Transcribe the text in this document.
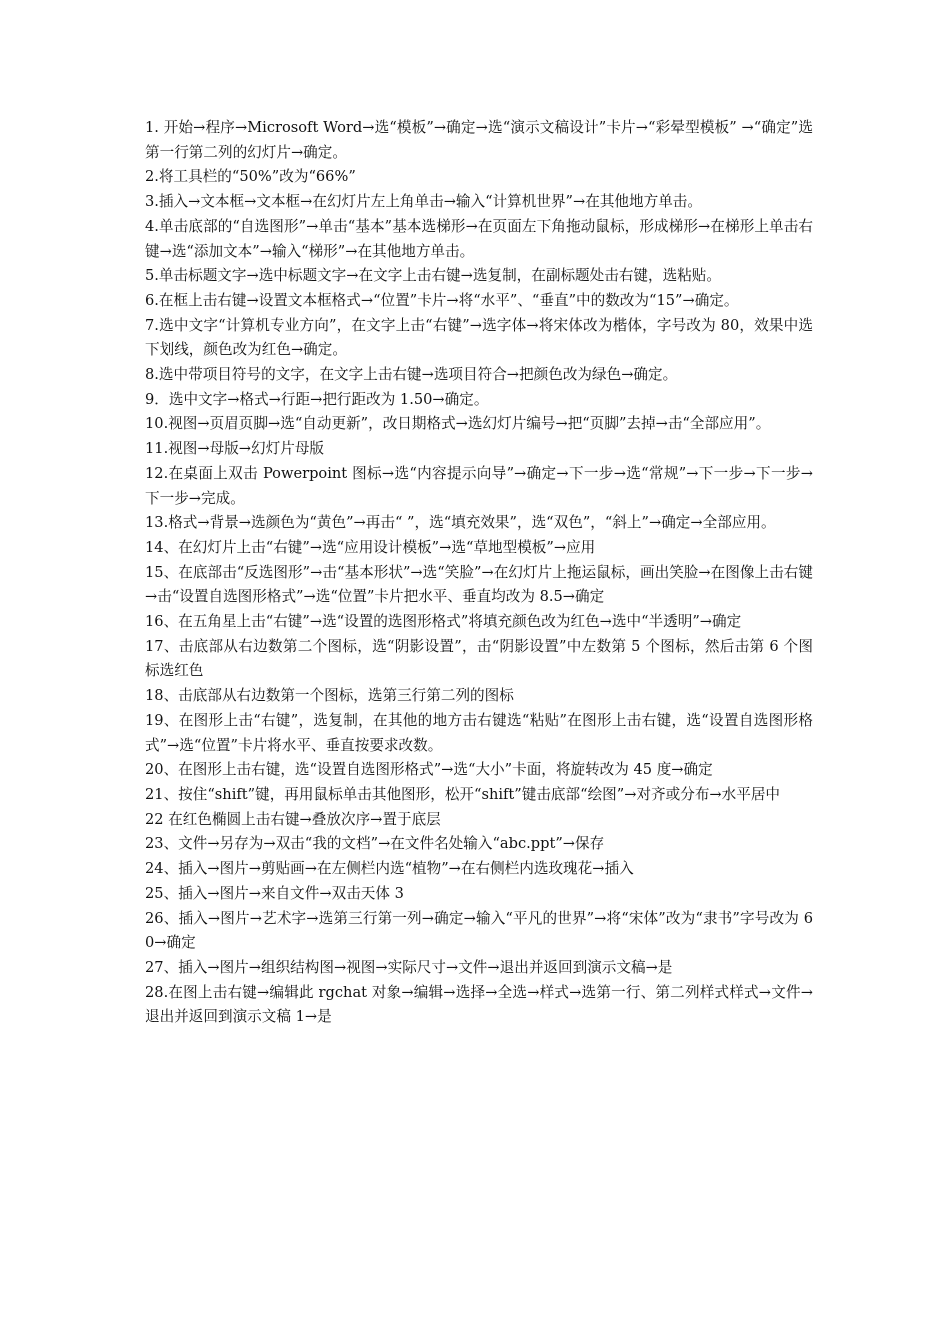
1. 开始→程序→Microsoft Word→选“模板”→确定→选“演示文稿设计”卡片→“彩晕型模板” →“确定”选第一行第二列的幻灯片→确定。

2.将工具栏的“50%”改为“66%”

3.插入→文本框→文本框→在幻灯片左上角单击→输入“计算机世界”→在其他地方单击。

4.单击底部的“自选图形”→单击“基本”基本选梯形→在页面左下角拖动鼠标，形成梯形→在梯形上单击右键→选“添加文本”→输入“梯形”→在其他地方单击。

5.单击标题文字→选中标题文字→在文字上击右键→选复制，在副标题处击右键，选粘贴。

6.在框上击右键→设置文本框格式→“位置”卡片→将“水平”、“垂直”中的数改为“15”→确定。

7.选中文字“计算机专业方向”，在文字上击“右键”→选字体→将宋体改为楷体，字号改为 80，效果中选下划线，颜色改为红色→确定。

8.选中带项目符号的文字，在文字上击右键→选项目符合→把颜色改为绿色→确定。

9．选中文字→格式→行距→把行距改为 1.50→确定。

10.视图→页眉页脚→选“自动更新”，改日期格式→选幻灯片编号→把“页脚”去掉→击“全部应用”。

11.视图→母版→幻灯片母版

12.在桌面上双击 Powerpoint 图标→选“内容提示向导”→确定→下一步→选“常规”→下一步→下一步→下一步→完成。

13.格式→背景→选颜色为“黄色”→再击“ ”，选“填充效果”，选“双色”，“斜上”→确定→全部应用。

14、在幻灯片上击“右键”→选“应用设计模板”→选“草地型模板”→应用

15、在底部击“反选图形”→击“基本形状”→选“笑脸”→在幻灯片上拖运鼠标，画出笑脸→在图像上击右键→击“设置自选图形格式”→选“位置”卡片把水平、垂直均改为 8.5→确定

16、在五角星上击“右键”→选“设置的选图形格式”将填充颜色改为红色→选中“半透明”→确定

17、击底部从右边数第二个图标，选“阴影设置”，击“阴影设置”中左数第 5 个图标，然后击第 6 个图标选红色

18、击底部从右边数第一个图标，选第三行第二列的图标

19、在图形上击“右键”，选复制，在其他的地方击右键选“粘贴”在图形上击右键，选“设置自选图形格式”→选“位置”卡片将水平、垂直按要求改数。

20、在图形上击右键，选“设置自选图形格式”→选“大小”卡面，将旋转改为 45 度→确定

21、按住“shift”键，再用鼠标单击其他图形，松开“shift”键击底部“绘图”→对齐或分布→水平居中

22 在红色椭圆上击右键→叠放次序→置于底层

23、文件→另存为→双击“我的文档”→在文件名处输入“abc.ppt”→保存

24、插入→图片→剪贴画→在左侧栏内选“植物”→在右侧栏内选玫瑰花→插入

25、插入→图片→来自文件→双击天体 3

26、插入→图片→艺术字→选第三行第一列→确定→输入“平凡的世界”→将“宋体”改为“隶书”字号改为 60→确定

27、插入→图片→组织结构图→视图→实际尺寸→文件→退出并返回到演示文稿→是

28.在图上击右键→编辑此 rgchat 对象→编辑→选择→全选→样式→选第一行、第二列样式样式→文件→退出并返回到演示文稿 1→是
